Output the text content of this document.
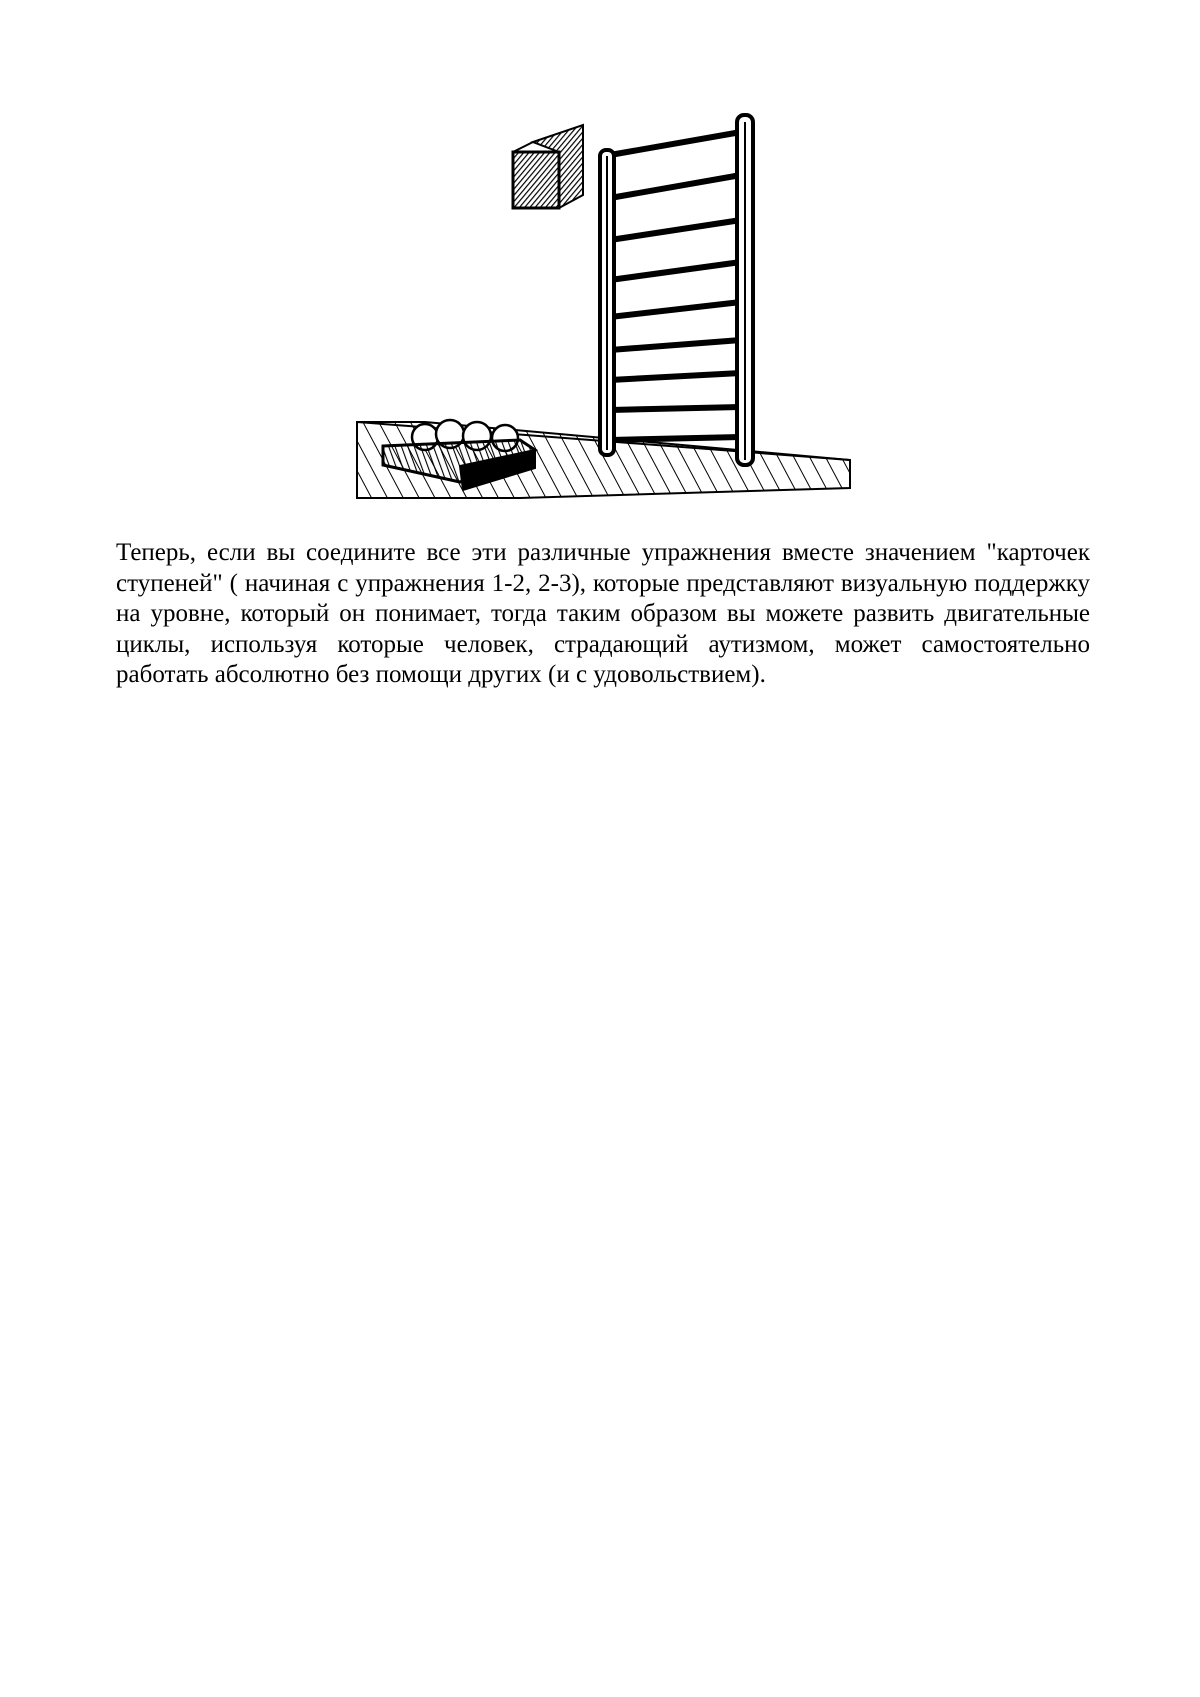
Теперь, если вы соедините все эти различные упражнения вместе значением "карточек ступеней" ( начиная с упражнения 1-2, 2-3), которые представляют визуальную поддержку на уровне, который он понимает, тогда таким образом вы можете развить двигательные циклы, используя которые человек, страдающий аутизмом, может самостоятельно работать абсолютно без помощи других (и с удовольствием).
